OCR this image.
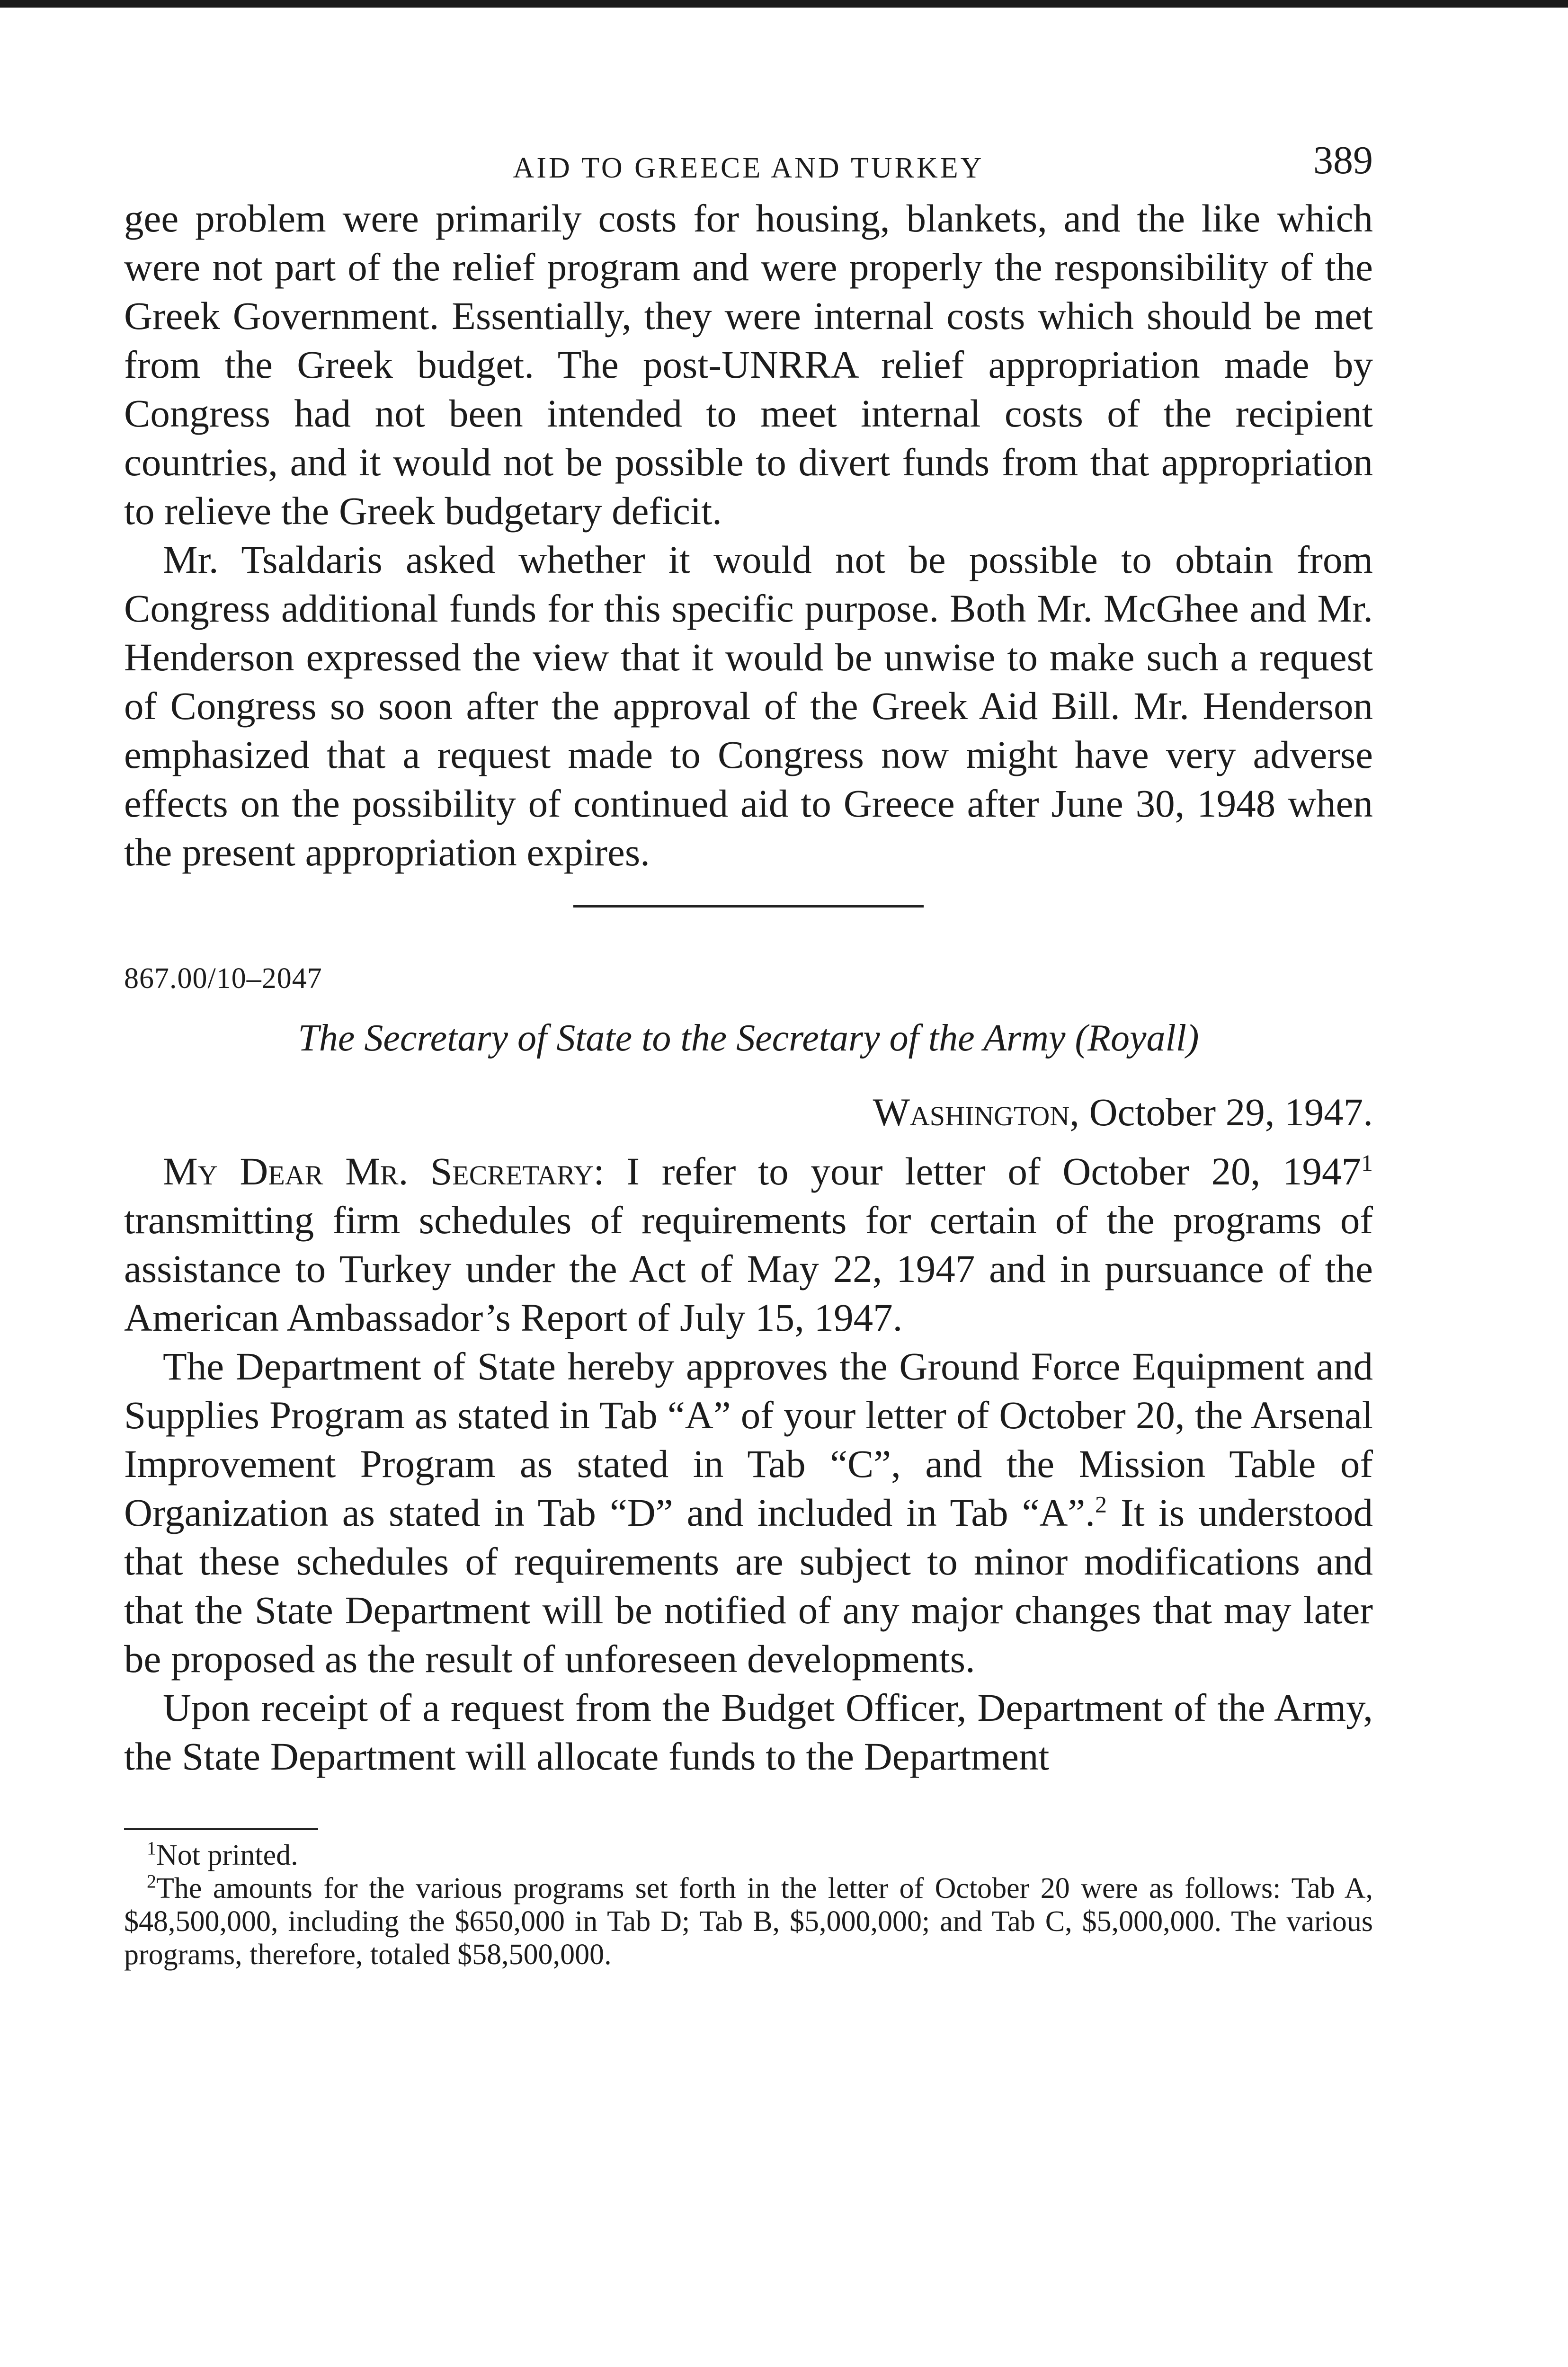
AID TO GREECE AND TURKEY	389

gee problem were primarily costs for housing, blankets, and the like which were not part of the relief program and were properly the responsibility of the Greek Government. Essentially, they were internal costs which should be met from the Greek budget. The post-UNRRA relief appropriation made by Congress had not been intended to meet internal costs of the recipient countries, and it would not be possible to divert funds from that appropriation to relieve the Greek budgetary deficit.

Mr. Tsaldaris asked whether it would not be possible to obtain from Congress additional funds for this specific purpose. Both Mr. McGhee and Mr. Henderson expressed the view that it would be unwise to make such a request of Congress so soon after the approval of the Greek Aid Bill. Mr. Henderson emphasized that a request made to Congress now might have very adverse effects on the possibility of continued aid to Greece after June 30, 1948 when the present appropriation expires.

867.00/10–2047
The Secretary of State to the Secretary of the Army (Royall)
Washington, October 29, 1947.

My Dear Mr. Secretary: I refer to your letter of October 20, 1947$^1$ transmitting firm schedules of requirements for certain of the programs of assistance to Turkey under the Act of May 22, 1947 and in pursuance of the American Ambassador’s Report of July 15, 1947.

The Department of State hereby approves the Ground Force Equipment and Supplies Program as stated in Tab “A” of your letter of October 20, the Arsenal Improvement Program as stated in Tab “C”, and the Mission Table of Organization as stated in Tab “D” and included in Tab “A”.$^2$ It is understood that these schedules of requirements are subject to minor modifications and that the State Department will be notified of any major changes that may later be proposed as the result of unforeseen developments.

Upon receipt of a request from the Budget Officer, Department of the Army, the State Department will allocate funds to the Department

$^1$Not printed.

$^2$The amounts for the various programs set forth in the letter of October 20 were as follows: Tab A, $48,500,000, including the $650,000 in Tab D; Tab B, $5,000,000; and Tab C, $5,000,000. The various programs, therefore, totaled $58,500,000.
